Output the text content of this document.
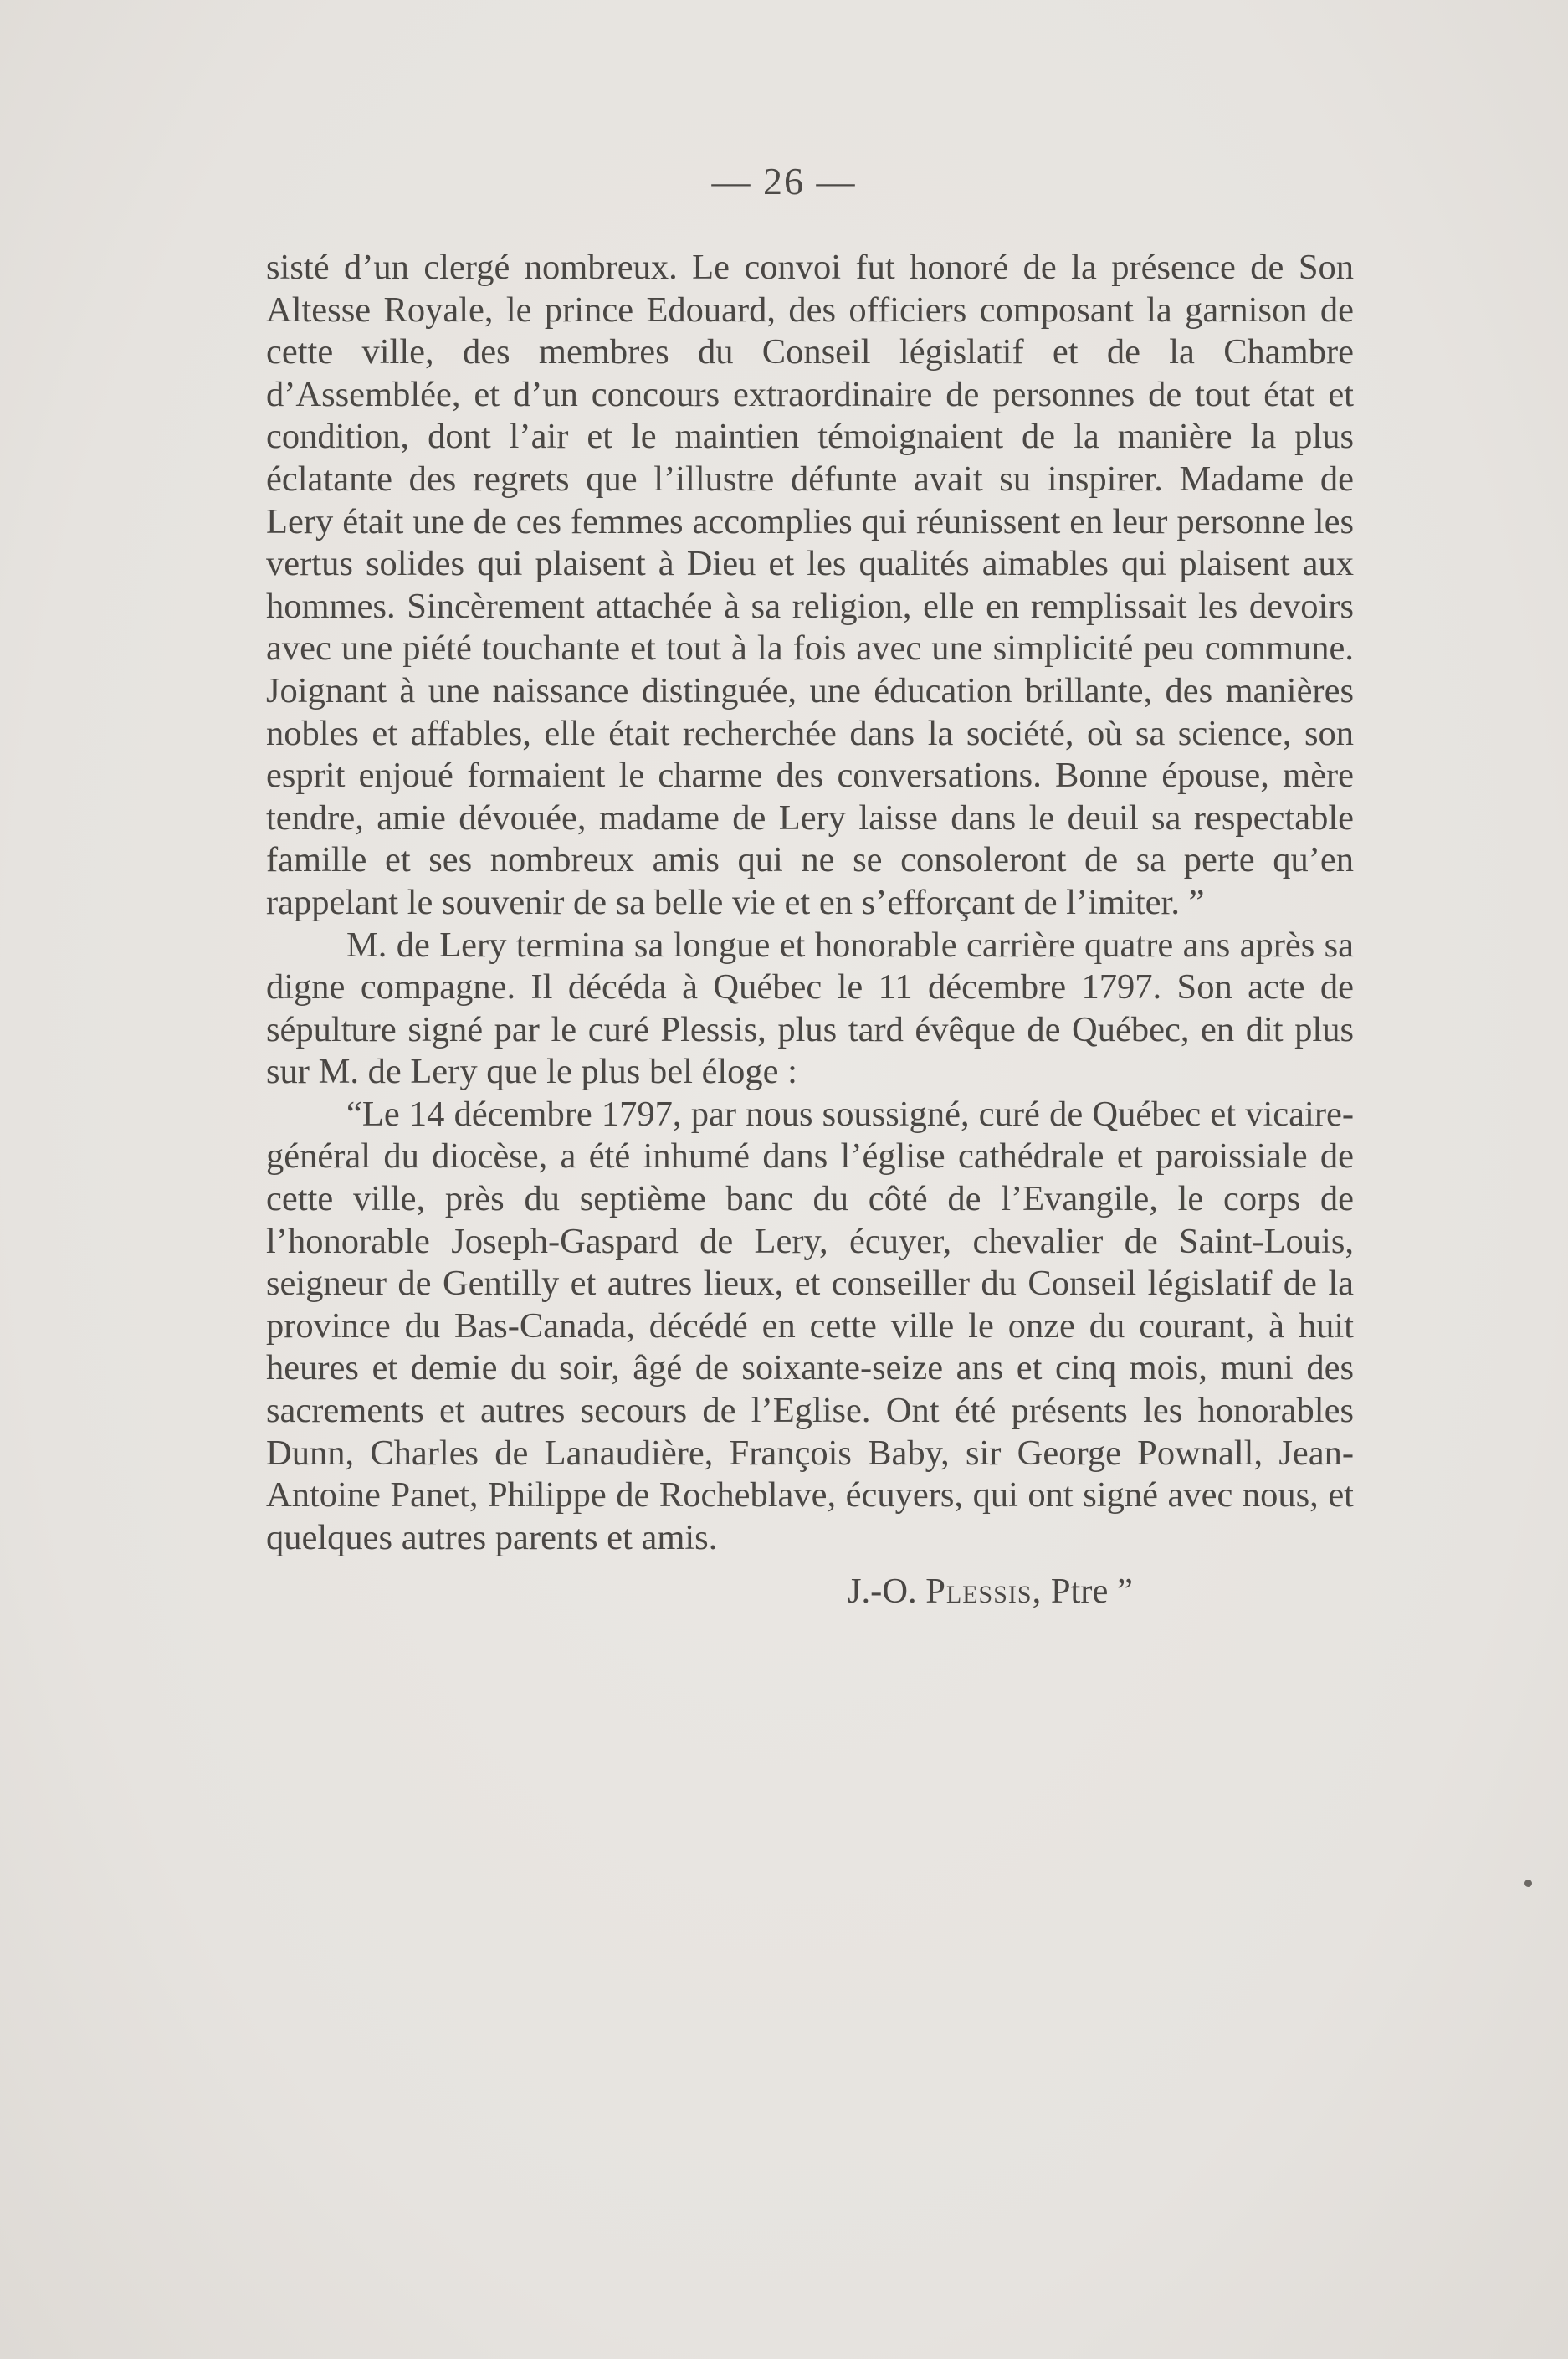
— 26 —

sisté d’un clergé nombreux. Le convoi fut honoré de la présence de Son Altesse Royale, le prince Edouard, des officiers composant la garnison de cette ville, des membres du Conseil législatif et de la Chambre d’Assemblée, et d’un concours extraordinaire de personnes de tout état et condition, dont l’air et le maintien témoignaient de la manière la plus éclatante des regrets que l’illustre défunte avait su inspirer. Madame de Lery était une de ces femmes accomplies qui réunissent en leur personne les vertus solides qui plaisent à Dieu et les qualités aimables qui plaisent aux hommes. Sincèrement attachée à sa religion, elle en remplissait les devoirs avec une piété touchante et tout à la fois avec une simplicité peu commune. Joignant à une naissance distinguée, une éducation brillante, des manières nobles et affables, elle était recherchée dans la société, où sa science, son esprit enjoué formaient le charme des conversations. Bonne épouse, mère tendre, amie dévouée, madame de Lery laisse dans le deuil sa respectable famille et ses nombreux amis qui ne se consoleront de sa perte qu’en rappelant le souvenir de sa belle vie et en s’efforçant de l’imiter. ”

M. de Lery termina sa longue et honorable carrière quatre ans après sa digne compagne. Il décéda à Québec le 11 décembre 1797. Son acte de sépulture signé par le curé Plessis, plus tard évêque de Québec, en dit plus sur M. de Lery que le plus bel éloge :

“Le 14 décembre 1797, par nous soussigné, curé de Québec et vicaire-général du diocèse, a été inhumé dans l’église cathédrale et paroissiale de cette ville, près du septième banc du côté de l’Evangile, le corps de l’honorable Joseph-Gaspard de Lery, écuyer, chevalier de Saint-Louis, seigneur de Gentilly et autres lieux, et conseiller du Conseil législatif de la province du Bas-Canada, décédé en cette ville le onze du courant, à huit heures et demie du soir, âgé de soixante-seize ans et cinq mois, muni des sacrements et autres secours de l’Eglise. Ont été présents les honorables Dunn, Charles de Lanaudière, François Baby, sir George Pownall, Jean-Antoine Panet, Philippe de Rocheblave, écuyers, qui ont signé avec nous, et quelques autres parents et amis.

J.-O. Plessis, Ptre ”
